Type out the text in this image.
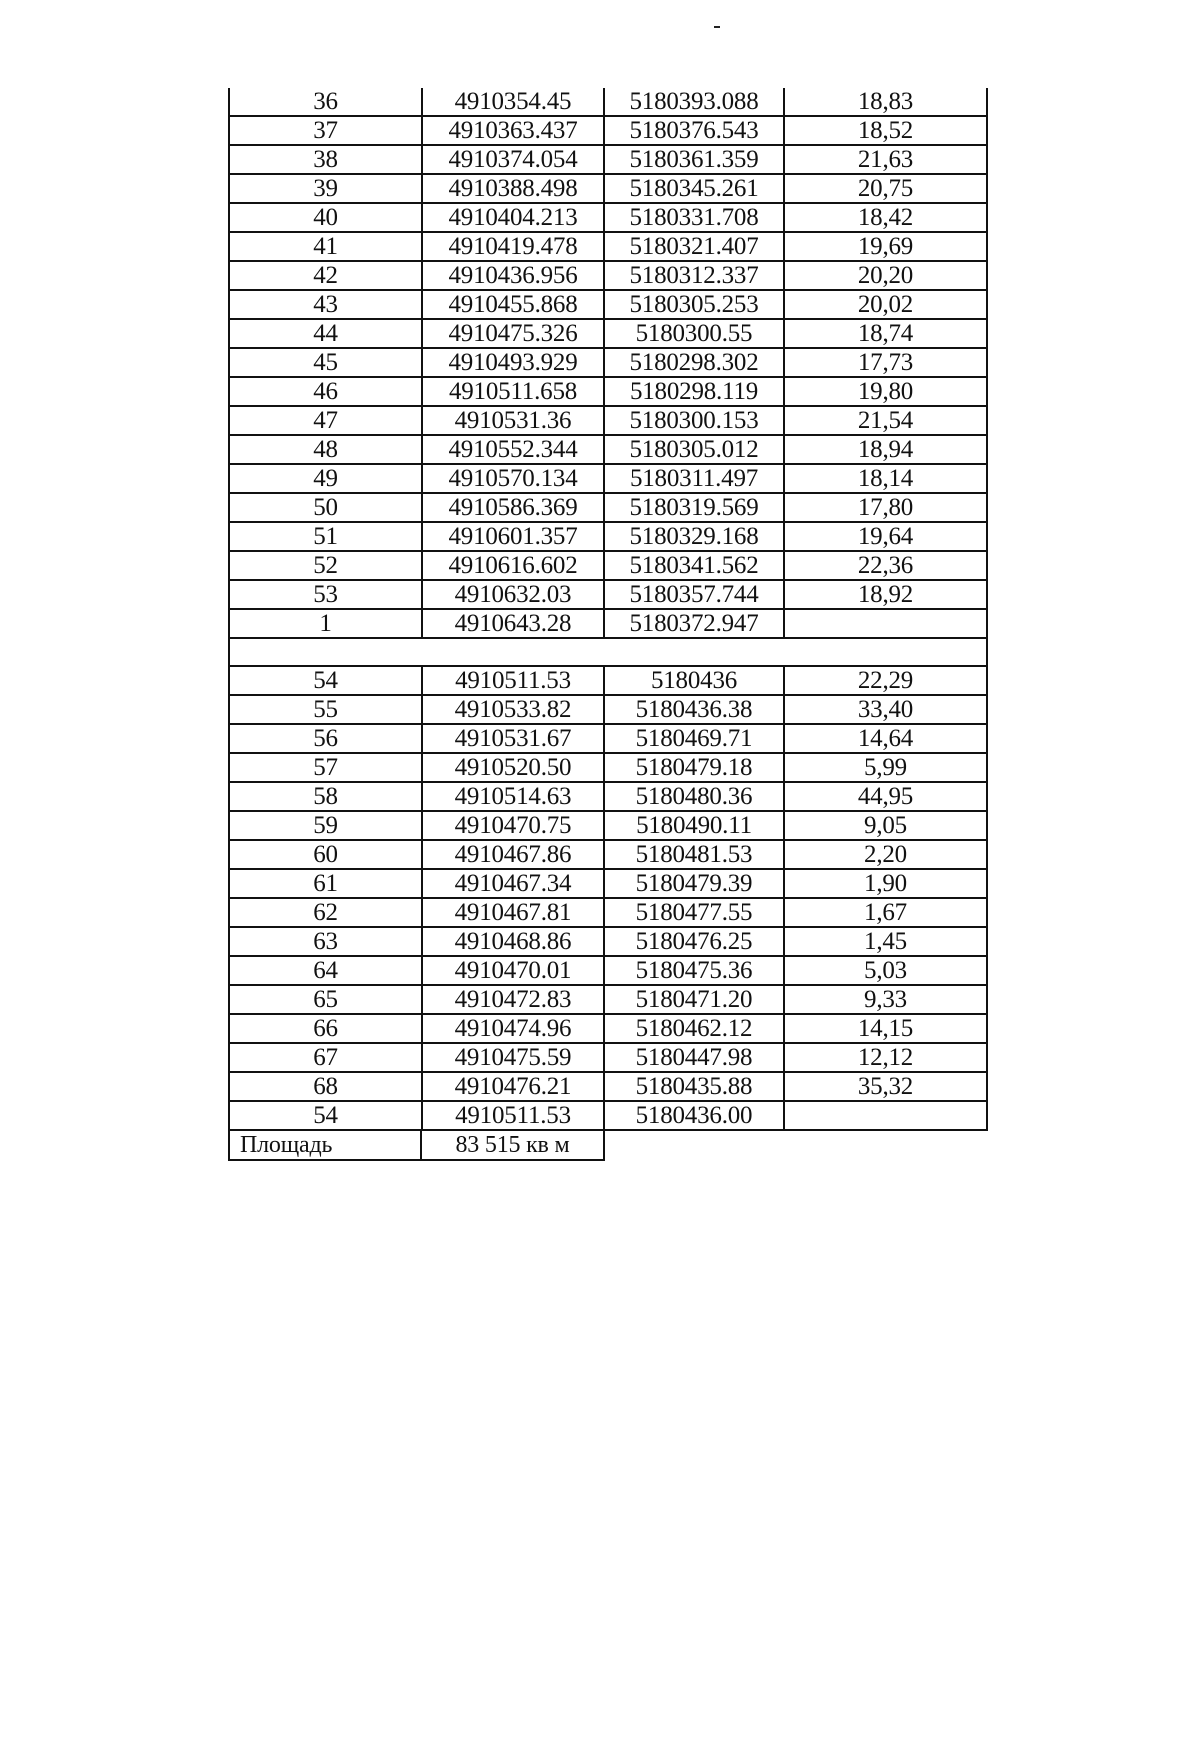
36	4910354.45	5180393.088	18,83
37	4910363.437	5180376.543	18,52
38	4910374.054	5180361.359	21,63
39	4910388.498	5180345.261	20,75
40	4910404.213	5180331.708	18,42
41	4910419.478	5180321.407	19,69
42	4910436.956	5180312.337	20,20
43	4910455.868	5180305.253	20,02
44	4910475.326	5180300.55	18,74
45	4910493.929	5180298.302	17,73
46	4910511.658	5180298.119	19,80
47	4910531.36	5180300.153	21,54
48	4910552.344	5180305.012	18,94
49	4910570.134	5180311.497	18,14
50	4910586.369	5180319.569	17,80
51	4910601.357	5180329.168	19,64
52	4910616.602	5180341.562	22,36
53	4910632.03	5180357.744	18,92
1	4910643.28	5180372.947
54	4910511.53	5180436	22,29
55	4910533.82	5180436.38	33,40
56	4910531.67	5180469.71	14,64
57	4910520.50	5180479.18	5,99
58	4910514.63	5180480.36	44,95
59	4910470.75	5180490.11	9,05
60	4910467.86	5180481.53	2,20
61	4910467.34	5180479.39	1,90
62	4910467.81	5180477.55	1,67
63	4910468.86	5180476.25	1,45
64	4910470.01	5180475.36	5,03
65	4910472.83	5180471.20	9,33
66	4910474.96	5180462.12	14,15
67	4910475.59	5180447.98	12,12
68	4910476.21	5180435.88	35,32
54	4910511.53	5180436.00
Площадь	83 515 кв м
